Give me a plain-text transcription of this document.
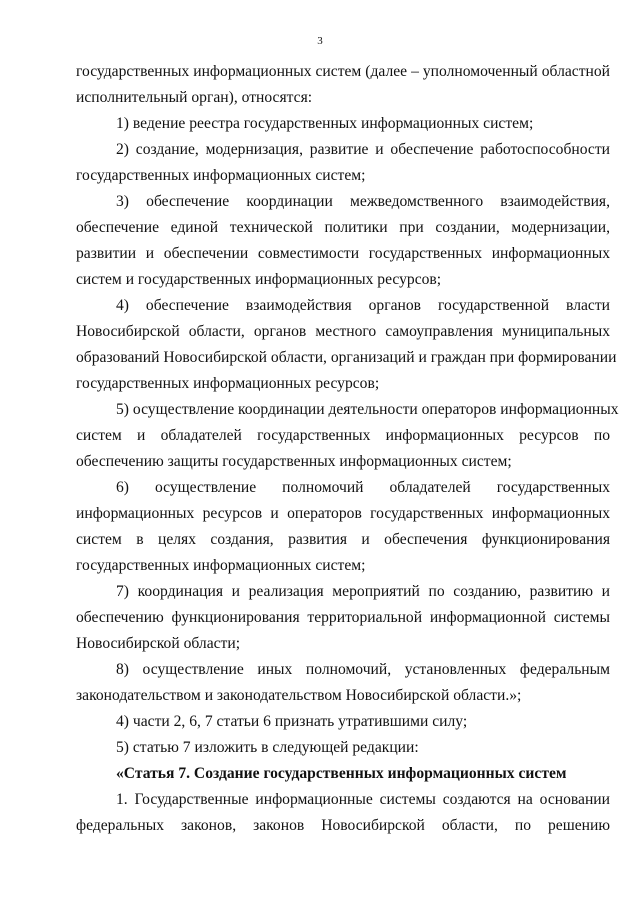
3
государственных информационных систем (далее – уполномоченный областной
исполнительный орган), относятся:
1) ведение реестра государственных информационных систем;
2) создание, модернизация, развитие и обеспечение работоспособности
государственных информационных систем;
3) обеспечение координации межведомственного взаимодействия,
обеспечение единой технической политики при создании, модернизации,
развитии и обеспечении совместимости государственных информационных
систем и государственных информационных ресурсов;
4) обеспечение взаимодействия органов государственной власти
Новосибирской области, органов местного самоуправления муниципальных
образований Новосибирской области, организаций и граждан при формировании
государственных информационных ресурсов;
5) осуществление координации деятельности операторов информационных
систем и обладателей государственных информационных ресурсов по
обеспечению защиты государственных информационных систем;
6) осуществление полномочий обладателей государственных
информационных ресурсов и операторов государственных информационных
систем в целях создания, развития и обеспечения функционирования
государственных информационных систем;
7) координация и реализация мероприятий по созданию, развитию и
обеспечению функционирования территориальной информационной системы
Новосибирской области;
8) осуществление иных полномочий, установленных федеральным
законодательством и законодательством Новосибирской области.»;
4) части 2, 6, 7 статьи 6 признать утратившими силу;
5) статью 7 изложить в следующей редакции:
«Статья 7. Создание государственных информационных систем
1. Государственные информационные системы создаются на основании
федеральных законов, законов Новосибирской области, по решению
